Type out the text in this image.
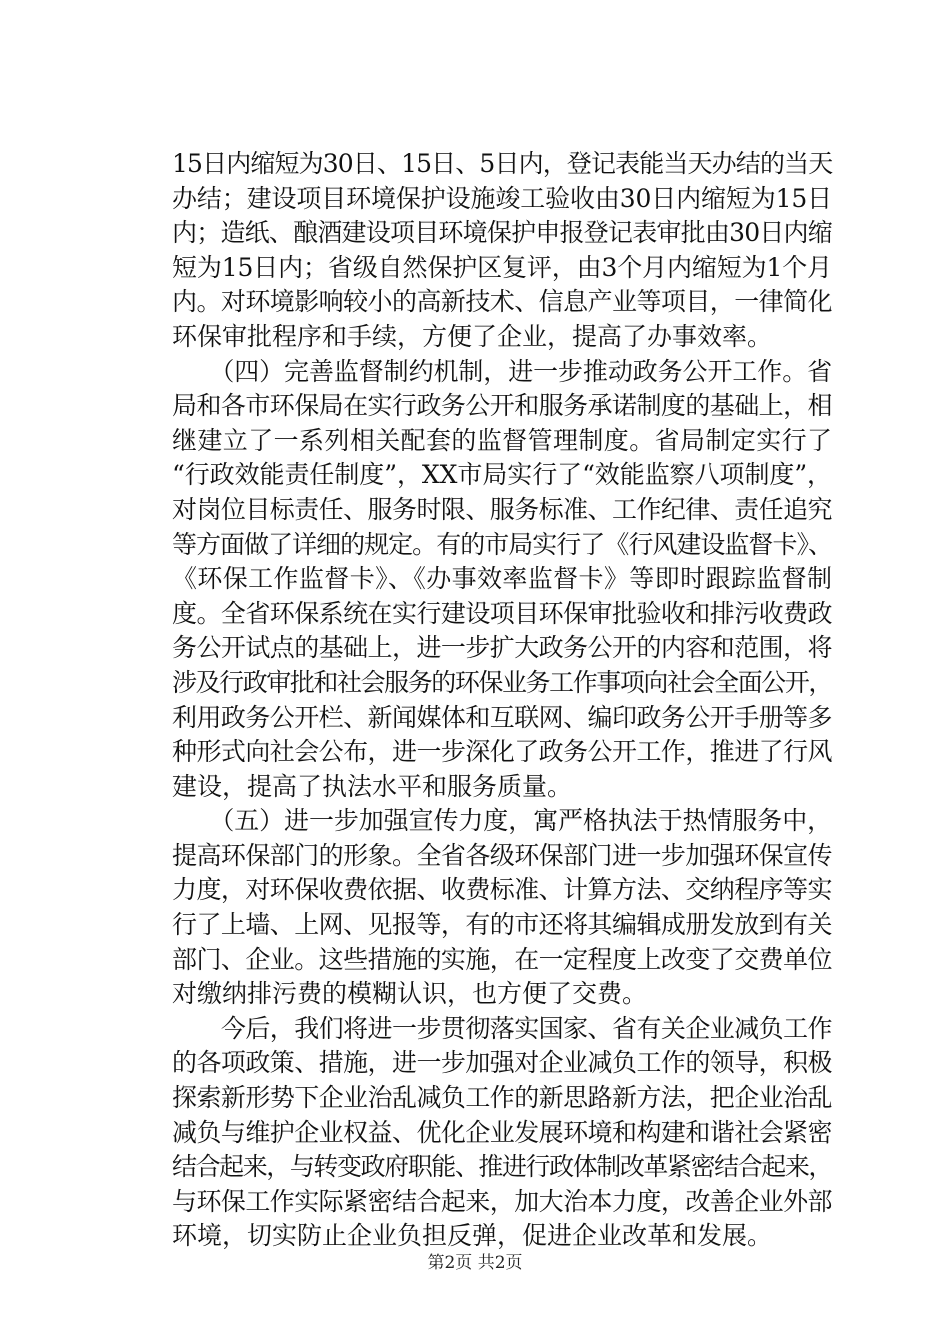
15日内缩短为30日、15日、5日内，登记表能当天办结的当天
办结；建设项目环境保护设施竣工验收由30日内缩短为15日
内；造纸、酿酒建设项目环境保护申报登记表审批由30日内缩
短为15日内；省级自然保护区复评，由3个月内缩短为1个月
内。对环境影响较小的高新技术、信息产业等项目，一律简化
环保审批程序和手续，方便了企业，提高了办事效率。
　　（四）完善监督制约机制，进一步推动政务公开工作。省
局和各市环保局在实行政务公开和服务承诺制度的基础上，相
继建立了一系列相关配套的监督管理制度。省局制定实行了
“行政效能责任制度”，XX市局实行了“效能监察八项制度”，
对岗位目标责任、服务时限、服务标准、工作纪律、责任追究
等方面做了详细的规定。有的市局实行了《行风建设监督卡》、
《环保工作监督卡》、《办事效率监督卡》等即时跟踪监督制
度。全省环保系统在实行建设项目环保审批验收和排污收费政
务公开试点的基础上，进一步扩大政务公开的内容和范围，将
涉及行政审批和社会服务的环保业务工作事项向社会全面公开，
利用政务公开栏、新闻媒体和互联网、编印政务公开手册等多
种形式向社会公布，进一步深化了政务公开工作，推进了行风
建设，提高了执法水平和服务质量。
　　（五）进一步加强宣传力度，寓严格执法于热情服务中，
提高环保部门的形象。全省各级环保部门进一步加强环保宣传
力度，对环保收费依据、收费标准、计算方法、交纳程序等实
行了上墙、上网、见报等，有的市还将其编辑成册发放到有关
部门、企业。这些措施的实施，在一定程度上改变了交费单位
对缴纳排污费的模糊认识，也方便了交费。
　　今后，我们将进一步贯彻落实国家、省有关企业减负工作
的各项政策、措施，进一步加强对企业减负工作的领导，积极
探索新形势下企业治乱减负工作的新思路新方法，把企业治乱
减负与维护企业权益、优化企业发展环境和构建和谐社会紧密
结合起来，与转变政府职能、推进行政体制改革紧密结合起来，
与环保工作实际紧密结合起来，加大治本力度，改善企业外部
环境，切实防止企业负担反弹，促进企业改革和发展。
第2页 共2页
